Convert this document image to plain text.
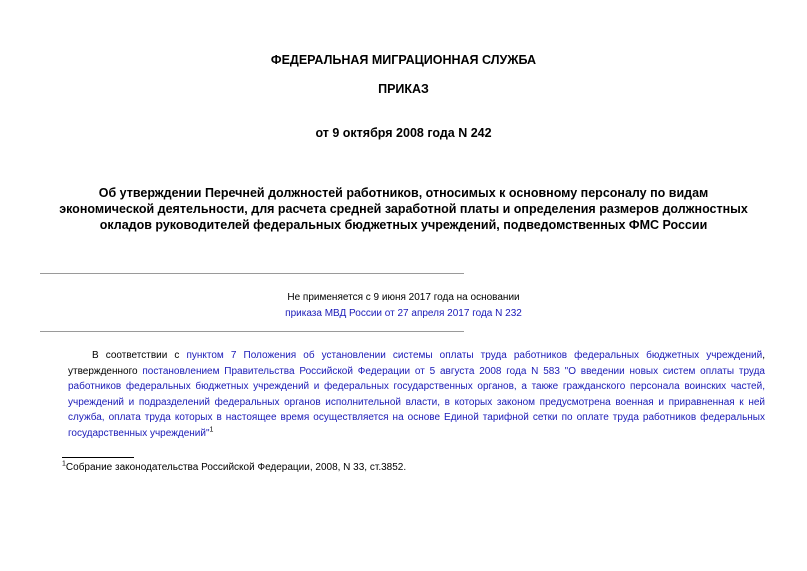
ФЕДЕРАЛЬНАЯ МИГРАЦИОННАЯ СЛУЖБА
ПРИКАЗ
от 9 октября 2008 года N 242
Об утверждении Перечней должностей работников, относимых к основному персоналу по видам экономической деятельности, для расчета средней заработной платы и определения размеров должностных окладов руководителей федеральных бюджетных учреждений, подведомственных ФМС России
Не применяется с 9 июня 2017 года на основании
приказа МВД России от 27 апреля 2017 года N 232
В соответствии с пунктом 7 Положения об установлении системы оплаты труда работников федеральных бюджетных учреждений, утвержденного постановлением Правительства Российской Федерации от 5 августа 2008 года N 583 "О введении новых систем оплаты труда работников федеральных бюджетных учреждений и федеральных государственных органов, а также гражданского персонала воинских частей, учреждений и подразделений федеральных органов исполнительной власти, в которых законом предусмотрена военная и приравненная к ней служба, оплата труда которых в настоящее время осуществляется на основе Единой тарифной сетки по оплате труда работников федеральных государственных учреждений"$^1$
$^1$Собрание законодательства Российской Федерации, 2008, N 33, ст.3852.
